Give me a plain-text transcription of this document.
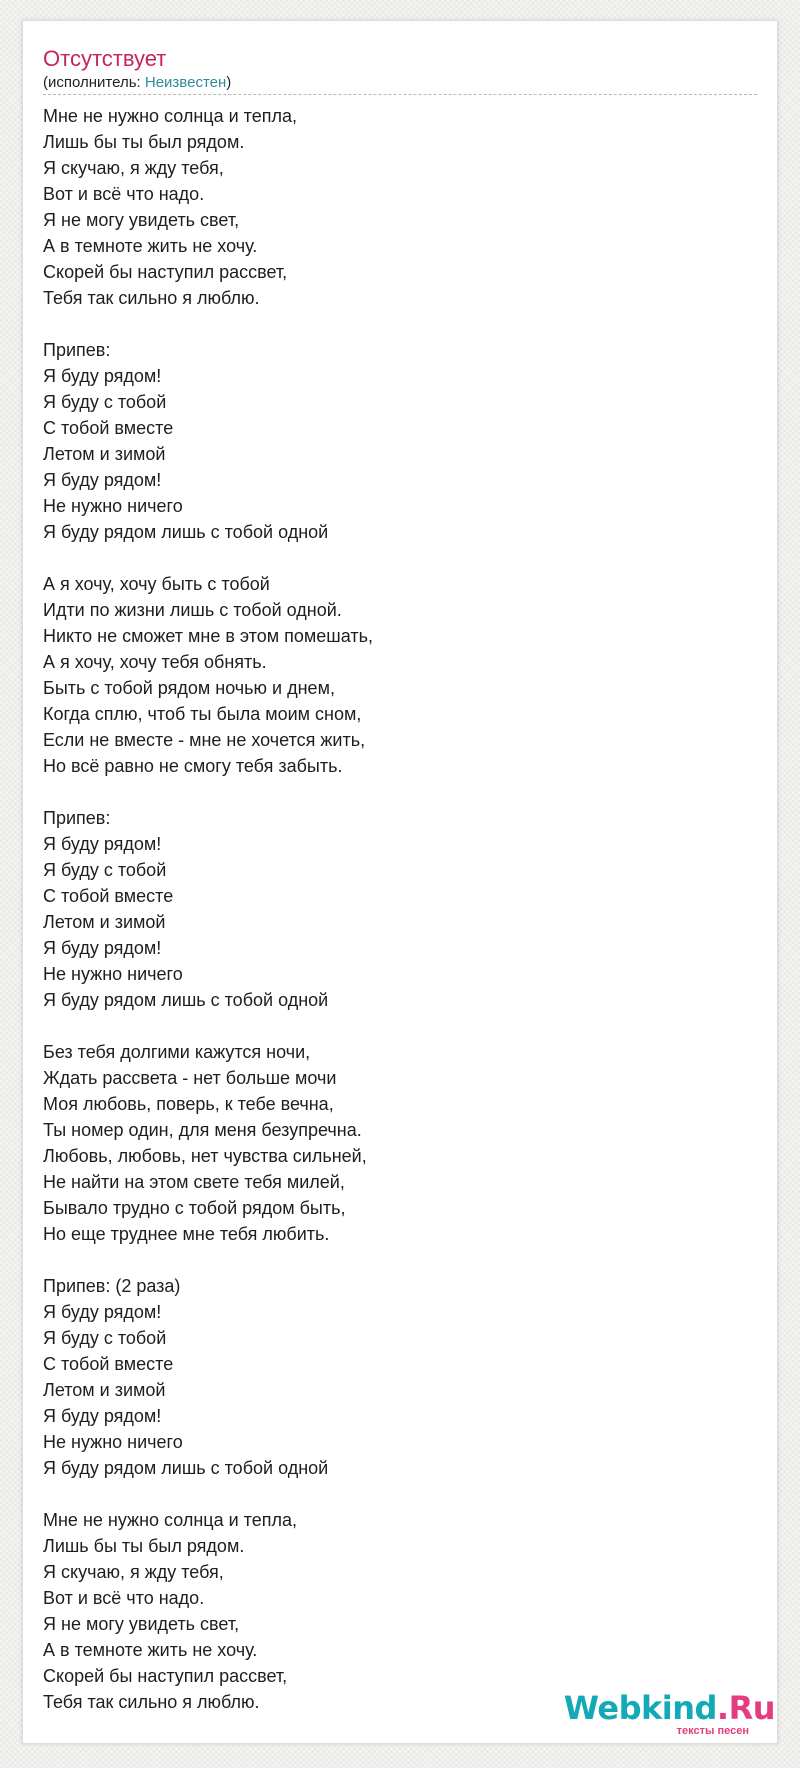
Отсутствует
(исполнитель: Неизвестен)
Мне не нужно солнца и тепла,
Лишь бы ты был рядом.
Я скучаю, я жду тебя,
Вот и всё что надо.
Я не могу увидеть свет,
А в темноте жить не хочу.
Скорей бы наступил рассвет,
Тебя так сильно я люблю.
Припев:
Я буду рядом!
Я буду с тобой
С тобой вместе
Летом и зимой
Я буду рядом!
Не нужно ничего
Я буду рядом лишь с тобой одной
А я хочу, хочу быть с тобой
Идти по жизни лишь с тобой одной.
Никто не сможет мне в этом помешать,
А я хочу, хочу тебя обнять.
Быть с тобой рядом ночью и днем,
Когда сплю, чтоб ты была моим сном,
Если не вместе - мне не хочется жить,
Но всё равно не смогу тебя забыть.
Припев:
Я буду рядом!
Я буду с тобой
С тобой вместе
Летом и зимой
Я буду рядом!
Не нужно ничего
Я буду рядом лишь с тобой одной
Без тебя долгими кажутся ночи,
Ждать рассвета - нет больше мочи
Моя любовь, поверь, к тебе вечна,
Ты номер один, для меня безупречна.
Любовь, любовь, нет чувства сильней,
Не найти на этом свете тебя милей,
Бывало трудно с тобой рядом быть,
Но еще труднее мне тебя любить.
Припев: (2 раза)
Я буду рядом!
Я буду с тобой
С тобой вместе
Летом и зимой
Я буду рядом!
Не нужно ничего
Я буду рядом лишь с тобой одной
Мне не нужно солнца и тепла,
Лишь бы ты был рядом.
Я скучаю, я жду тебя,
Вот и всё что надо.
Я не могу увидеть свет,
А в темноте жить не хочу.
Скорей бы наступил рассвет,
Тебя так сильно я люблю.	Webkind.Ru
тексты песен
